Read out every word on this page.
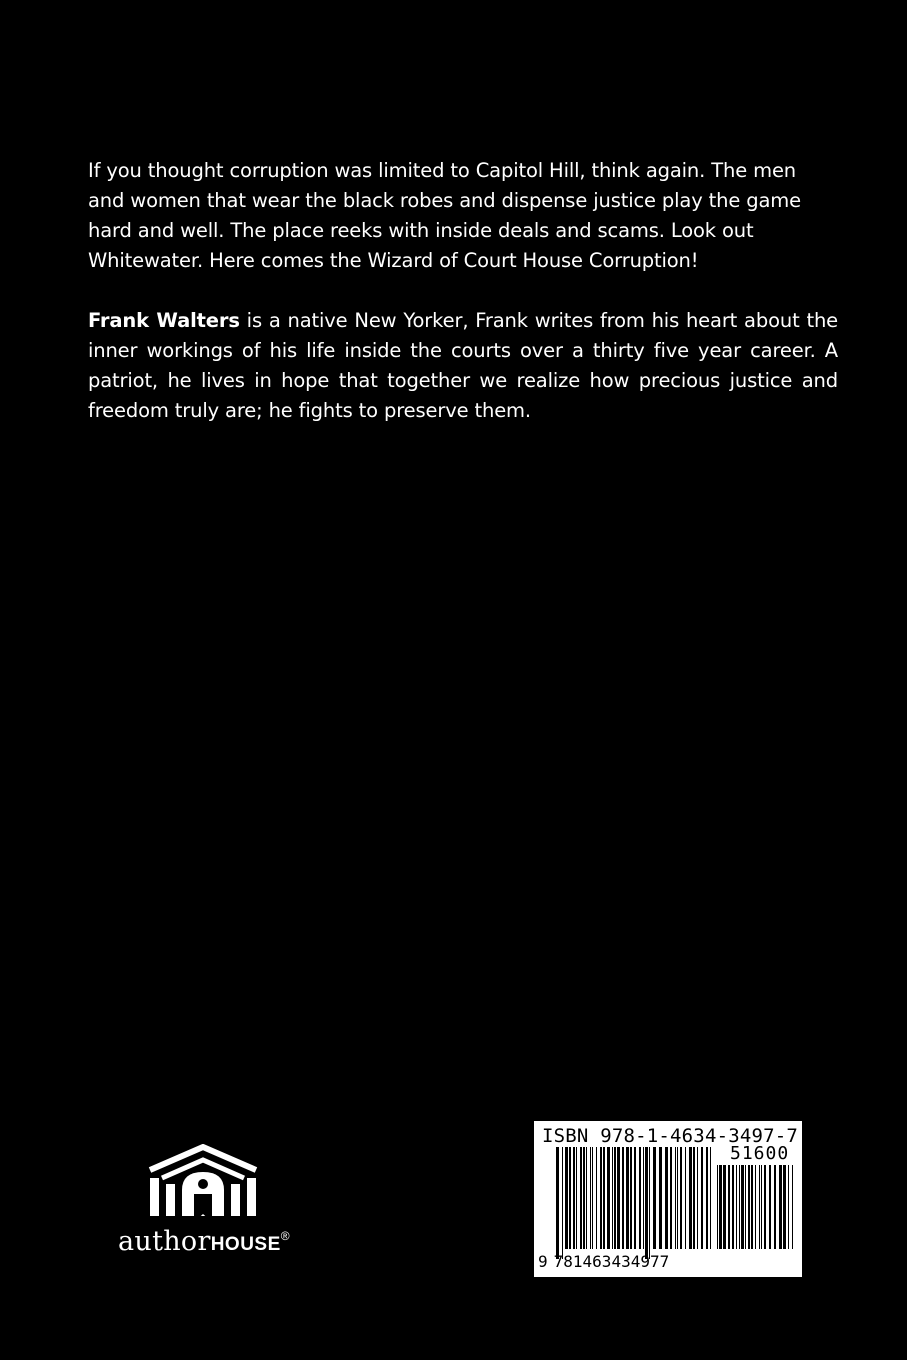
If you thought corruption was limited to Capitol Hill, think again. The men and women that wear the black robes and dispense justice play the game hard and well. The place reeks with inside deals and scams. Look out Whitewater. Here comes the Wizard of Court House Corruption!

Frank Walters is a native New Yorker, Frank writes from his heart about the inner workings of his life inside the courts over a thirty five year career. A patriot, he lives in hope that together we realize how precious justice and freedom truly are; he fights to preserve them.

authorHOUSE®
ISBN 978-1-4634-3497-7
51600
9 781463434977
